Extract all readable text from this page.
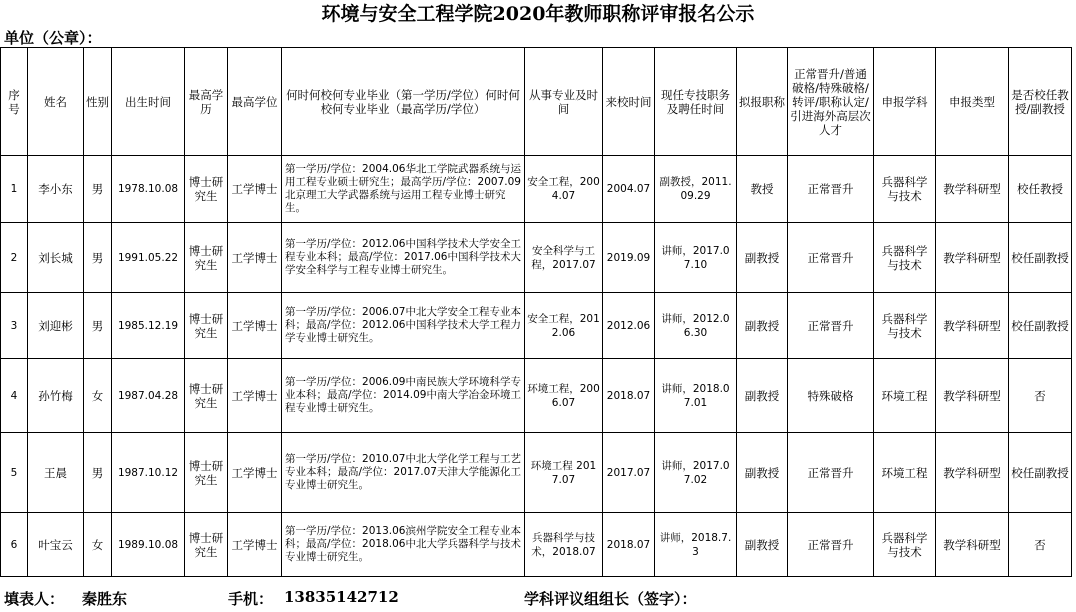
环境与安全工程学院2020年教师职称评审报名公示
单位（公章）：
序号	姓名	性别	出生时间	最高学历	最高学位	何时何校何专业毕业（第一学历/学位）何时何校何专业毕业（最高学历/学位）	从事专业及时间	来校时间	现任专技职务及聘任时间	拟报职称	正常晋升/普通破格/特殊破格/转评/职称认定/引进海外高层次人才	申报学科	申报类型	是否校任教授/副教授
1	李小东	男	1978.10.08	博士研究生	工学博士	第一学历/学位：2004.06华北工学院武器系统与运用工程专业硕士研究生；最高学历/学位：2007.09北京理工大学武器系统与运用工程专业博士研究生。	安全工程，2004.07	2004.07	副教授，2011.09.29	教授	正常晋升	兵器科学与技术	教学科研型	校任教授
2	刘长城	男	1991.05.22	博士研究生	工学博士	第一学历/学位：2012.06中国科学技术大学安全工程专业本科；最高/学位：2017.06中国科学技术大学安全科学与工程专业博士研究生。	安全科学与工程，2017.07	2019.09	讲师，2017.07.10	副教授	正常晋升	兵器科学与技术	教学科研型	校任副教授
3	刘迎彬	男	1985.12.19	博士研究生	工学博士	第一学历/学位：2006.07中北大学安全工程专业本科；最高/学位：2012.06中国科学技术大学工程力学专业博士研究生。	安全工程，2012.06	2012.06	讲师，2012.06.30	副教授	正常晋升	兵器科学与技术	教学科研型	校任副教授
4	孙竹梅	女	1987.04.28	博士研究生	工学博士	第一学历/学位：2006.09中南民族大学环境科学专业本科；最高/学位：2014.09中南大学冶金环境工程专业博士研究生。	环境工程，2006.07	2018.07	讲师，2018.07.01	副教授	特殊破格	环境工程	教学科研型	否
5	王晨	男	1987.10.12	博士研究生	工学博士	第一学历/学位：2010.07中北大学化学工程与工艺专业本科；最高/学位：2017.07天津大学能源化工专业博士研究生。	环境工程 2017.07	2017.07	讲师，2017.07.02	副教授	正常晋升	环境工程	教学科研型	校任副教授
6	叶宝云	女	1989.10.08	博士研究生	工学博士	第一学历/学位：2013.06滨州学院安全工程专业本科；最高/学位：2018.06中北大学兵器科学与技术专业博士研究生。	兵器科学与技术，2018.07	2018.07	讲师，2018.7.3	副教授	正常晋升	兵器科学与技术	教学科研型	否
填表人： 秦胜东	手机： 13835142712	学科评议组组长（签字）：
